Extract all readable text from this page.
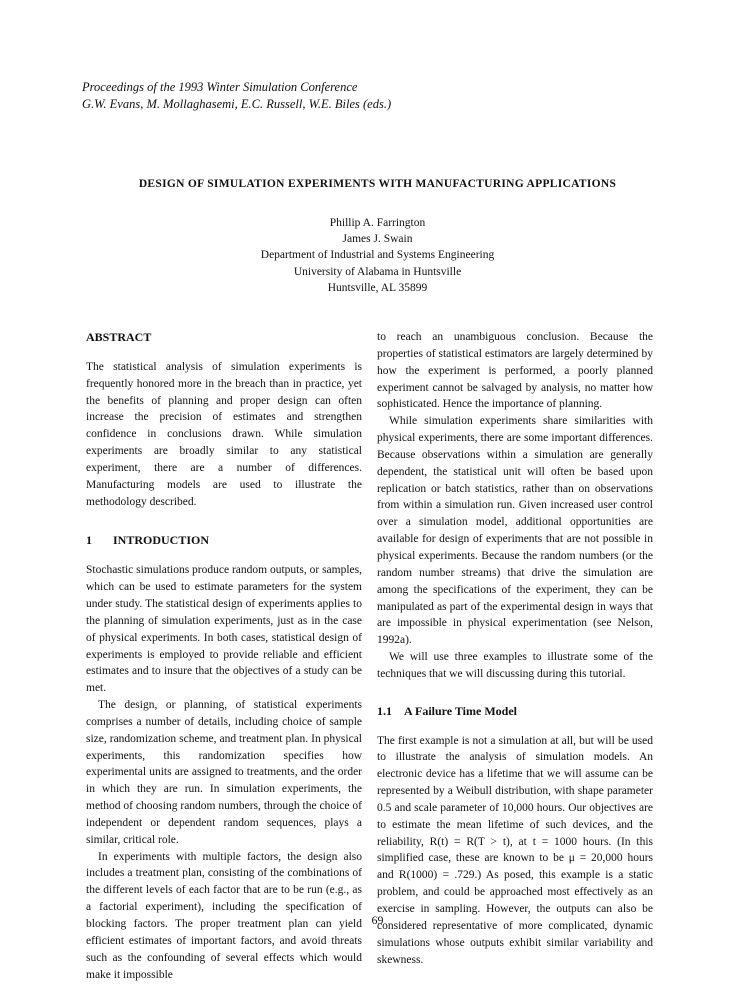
Proceedings of the 1993 Winter Simulation Conference
G.W. Evans, M. Mollaghasemi, E.C. Russell, W.E. Biles (eds.)
DESIGN OF SIMULATION EXPERIMENTS WITH MANUFACTURING APPLICATIONS
Phillip A. Farrington
James J. Swain
Department of Industrial and Systems Engineering
University of Alabama in Huntsville
Huntsville, AL 35899
ABSTRACT

The statistical analysis of simulation experiments is frequently honored more in the breach than in practice, yet the benefits of planning and proper design can often increase the precision of estimates and strengthen confidence in conclusions drawn. While simulation experiments are broadly similar to any statistical experiment, there are a number of differences. Manufacturing models are used to illustrate the methodology described.

1 INTRODUCTION

Stochastic simulations produce random outputs, or samples, which can be used to estimate parameters for the system under study. The statistical design of experiments applies to the planning of simulation experiments, just as in the case of physical experiments. In both cases, statistical design of experiments is employed to provide reliable and efficient estimates and to insure that the objectives of a study can be met.

The design, or planning, of statistical experiments comprises a number of details, including choice of sample size, randomization scheme, and treatment plan. In physical experiments, this randomization specifies how experimental units are assigned to treatments, and the order in which they are run. In simulation experiments, the method of choosing random numbers, through the choice of independent or dependent random sequences, plays a similar, critical role.

In experiments with multiple factors, the design also includes a treatment plan, consisting of the combinations of the different levels of each factor that are to be run (e.g., as a factorial experiment), including the specification of blocking factors. The proper treatment plan can yield efficient estimates of important factors, and avoid threats such as the confounding of several effects which would make it impossible

to reach an unambiguous conclusion. Because the properties of statistical estimators are largely determined by how the experiment is performed, a poorly planned experiment cannot be salvaged by analysis, no matter how sophisticated. Hence the importance of planning.

While simulation experiments share similarities with physical experiments, there are some important differences. Because observations within a simulation are generally dependent, the statistical unit will often be based upon replication or batch statistics, rather than on observations from within a simulation run. Given increased user control over a simulation model, additional opportunities are available for design of experiments that are not possible in physical experiments. Because the random numbers (or the random number streams) that drive the simulation are among the specifications of the experiment, they can be manipulated as part of the experimental design in ways that are impossible in physical experimentation (see Nelson, 1992a).

We will use three examples to illustrate some of the techniques that we will discussing during this tutorial.

1.1 A Failure Time Model

The first example is not a simulation at all, but will be used to illustrate the analysis of simulation models. An electronic device has a lifetime that we will assume can be represented by a Weibull distribution, with shape parameter 0.5 and scale parameter of 10,000 hours. Our objectives are to estimate the mean lifetime of such devices, and the reliability, R(t) = R(T > t), at t = 1000 hours. (In this simplified case, these are known to be μ = 20,000 hours and R(1000) = .729.) As posed, this example is a static problem, and could be approached most effectively as an exercise in sampling. However, the outputs can also be considered representative of more complicated, dynamic simulations whose outputs exhibit similar variability and skewness.

69
